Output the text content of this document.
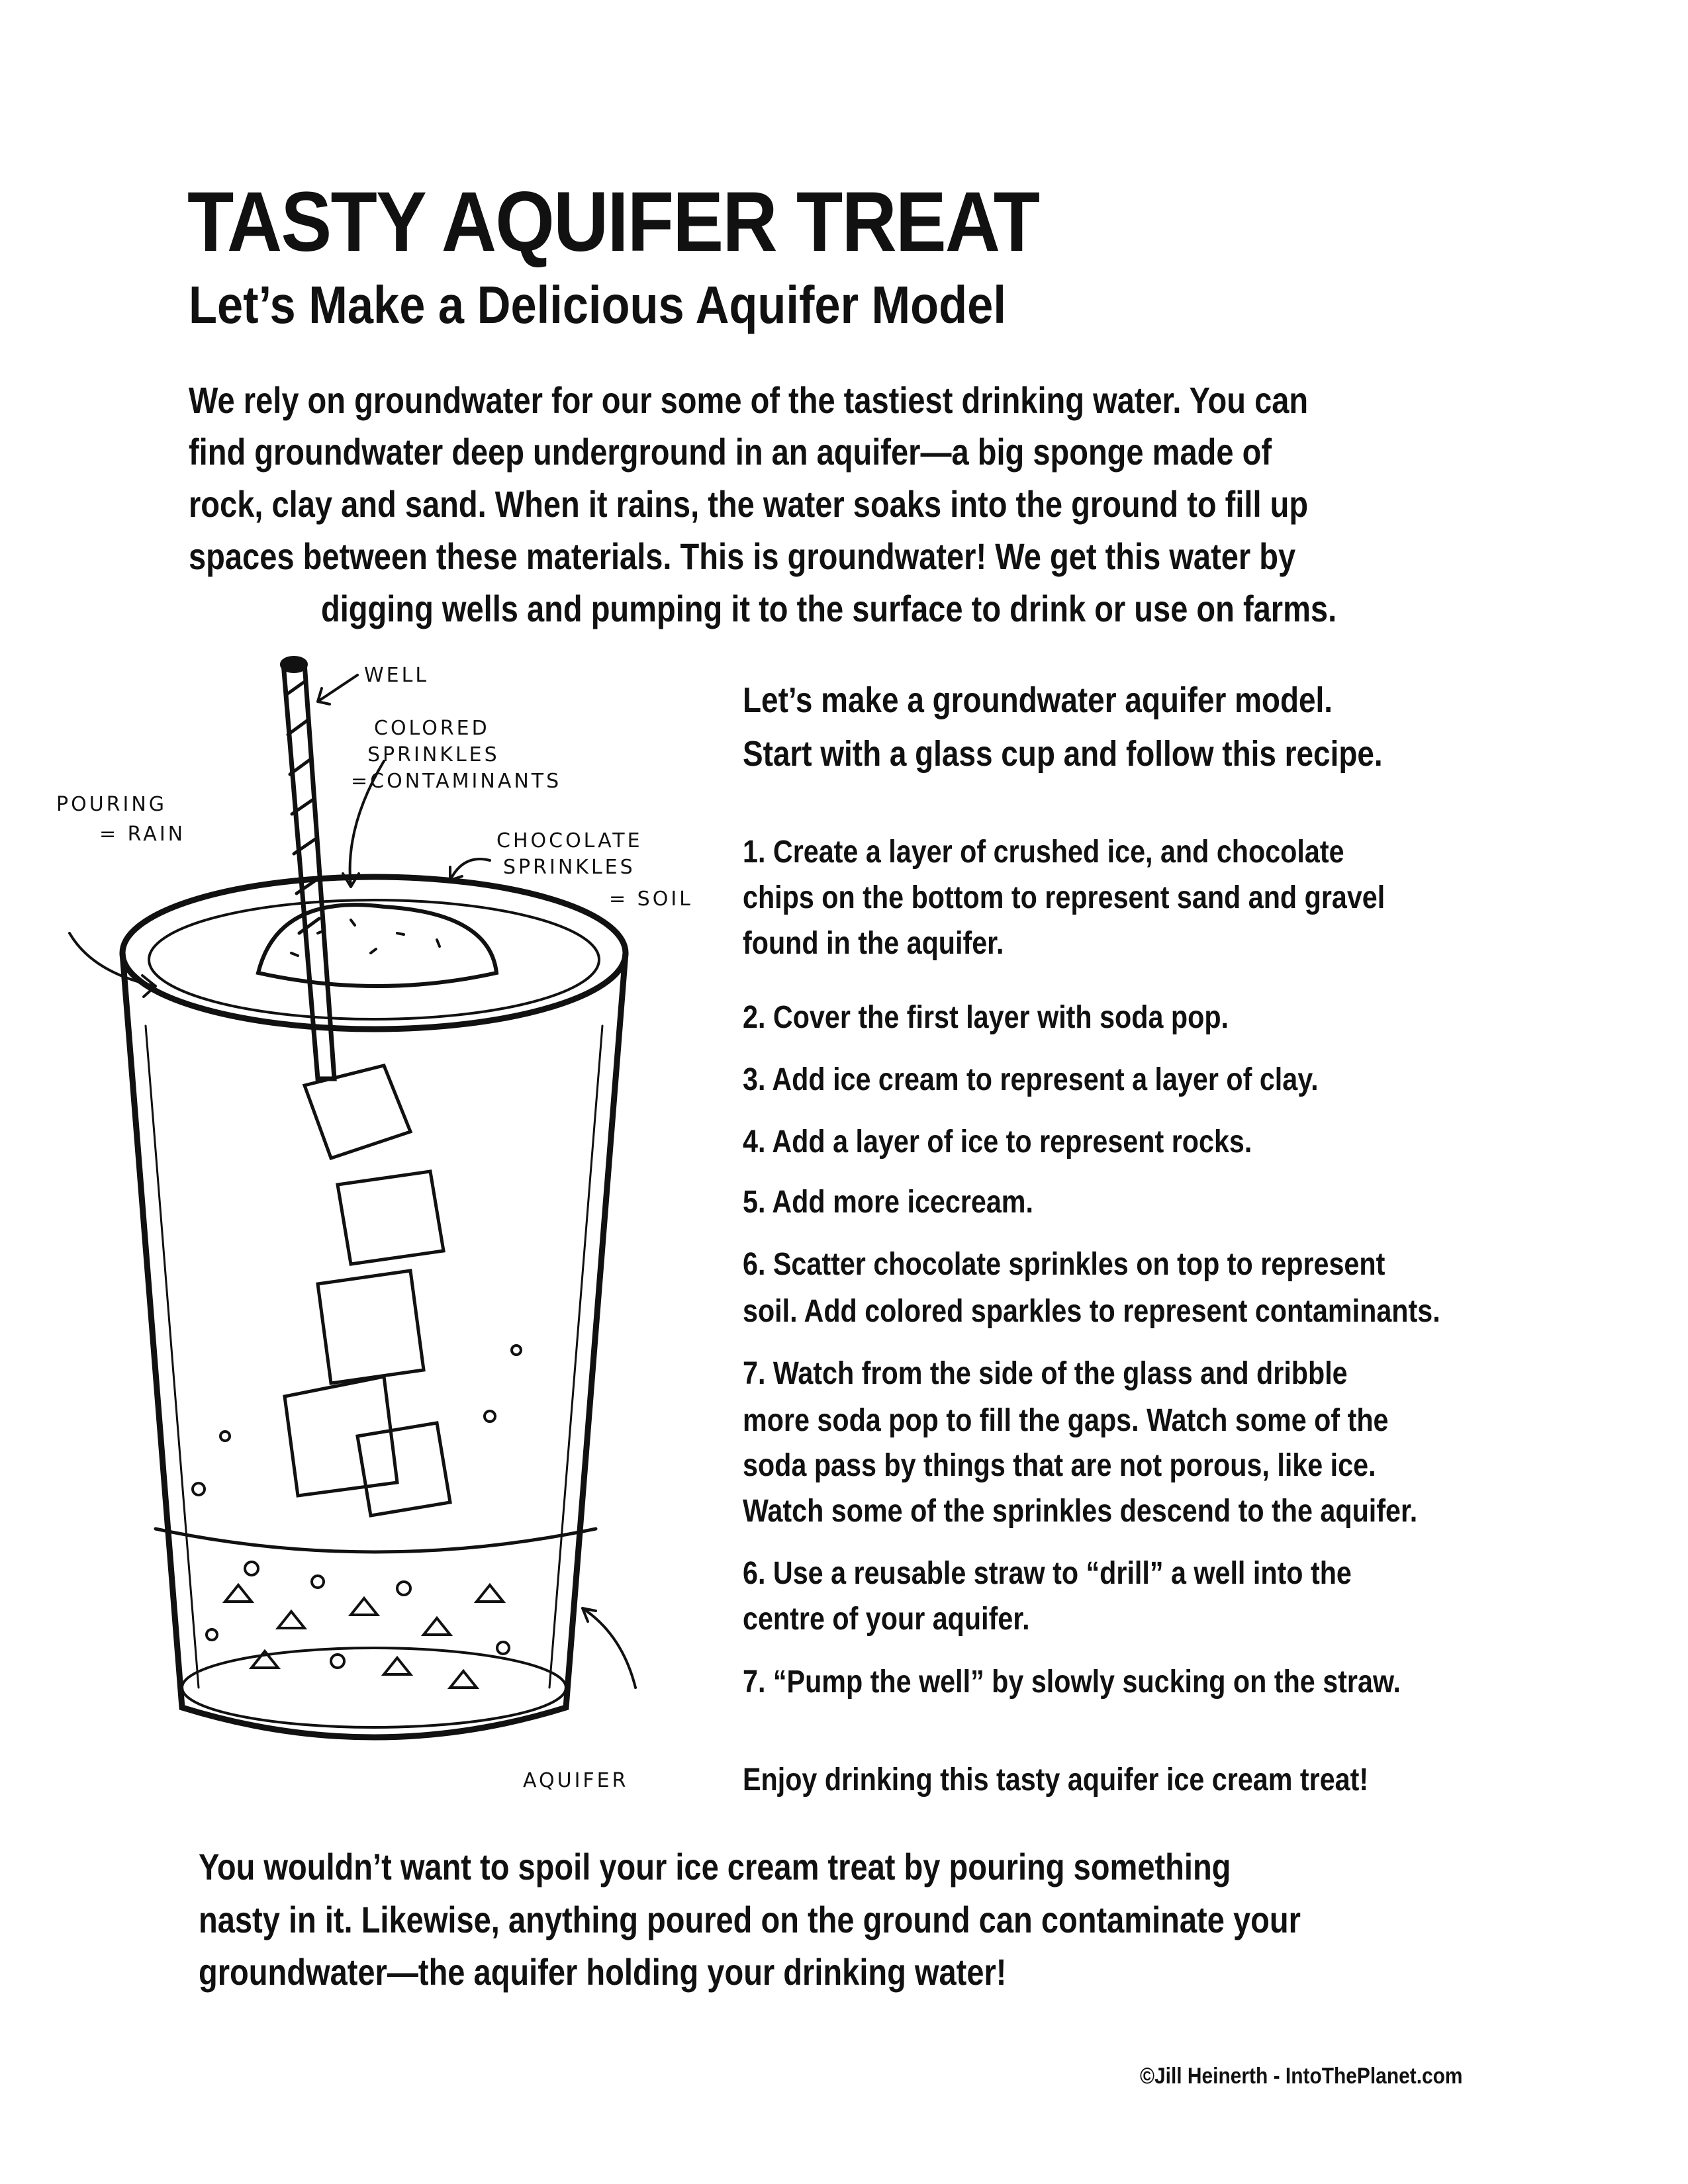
TASTY AQUIFER TREAT
Let’s Make a Delicious Aquifer Model
We rely on groundwater for our some of the tastiest drinking water. You can
find groundwater deep underground in an aquifer—a big sponge made of
rock, clay and sand. When it rains, the water soaks into the ground to fill up
spaces between these materials. This is groundwater! We get this water by
digging wells and pumping it to the surface to drink or use on farms.
Let’s make a groundwater aquifer model.
Start with a glass cup and follow this recipe.
1. Create a layer of crushed ice, and chocolate
chips on the bottom to represent sand and gravel
found in the aquifer.
2. Cover the first layer with soda pop.
3. Add ice cream to represent a layer of clay.
4. Add a layer of ice to represent rocks.
5. Add more icecream.
6. Scatter chocolate sprinkles on top to represent
soil. Add colored sparkles to represent contaminants.
7. Watch from the side of the glass and dribble
more soda pop to fill the gaps. Watch some of the
soda pass by things that are not porous, like ice.
Watch some of the sprinkles descend to the aquifer.
6. Use a reusable straw to “drill” a well into the
centre of your aquifer.
7. “Pump the well” by slowly sucking on the straw.
Enjoy drinking this tasty aquifer ice cream treat!
You wouldn’t want to spoil your ice cream treat by pouring something
nasty in it. Likewise, anything poured on the ground can contaminate your
groundwater—the aquifer holding your drinking water!
©Jill Heinerth - IntoThePlanet.com
WELL
COLORED
SPRINKLES
=CONTAMINANTS
POURING
= RAIN	CHOCOLATE
SPRINKLES
= SOIL
AQUIFER
